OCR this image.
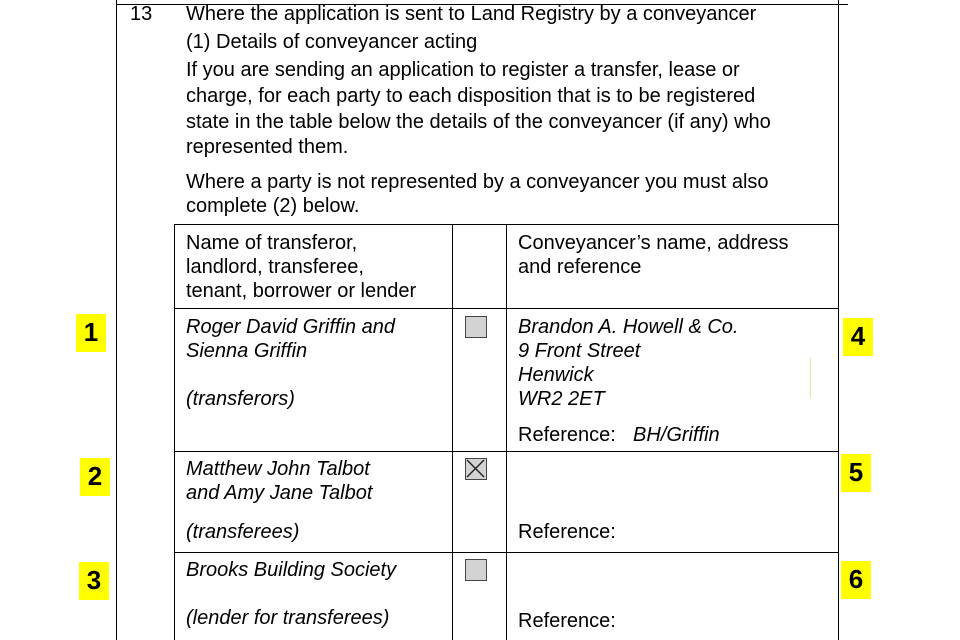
13 Where the application is sent to Land Registry by a conveyancer
(1) Details of conveyancer acting
If you are sending an application to register a transfer, lease or
charge, for each party to each disposition that is to be registered
state in the table below the details of the conveyancer (if any) who
represented them.
Where a party is not represented by a conveyancer you must also
complete (2) below.
Name of transferor,
landlord, transferee,
tenant, borrower or lender
Conveyancer’s name, address
and reference
Roger David Griffin and
Sienna Griffin
(transferors)
Brandon A. Howell & Co.
9 Front Street
Henwick
WR2 2ET
Reference: BH/Griffin
Matthew John Talbot
and Amy Jane Talbot
(transferees)	Reference:
Brooks Building Society
(lender for transferees)	Reference:
1
2
3
4
5
6
